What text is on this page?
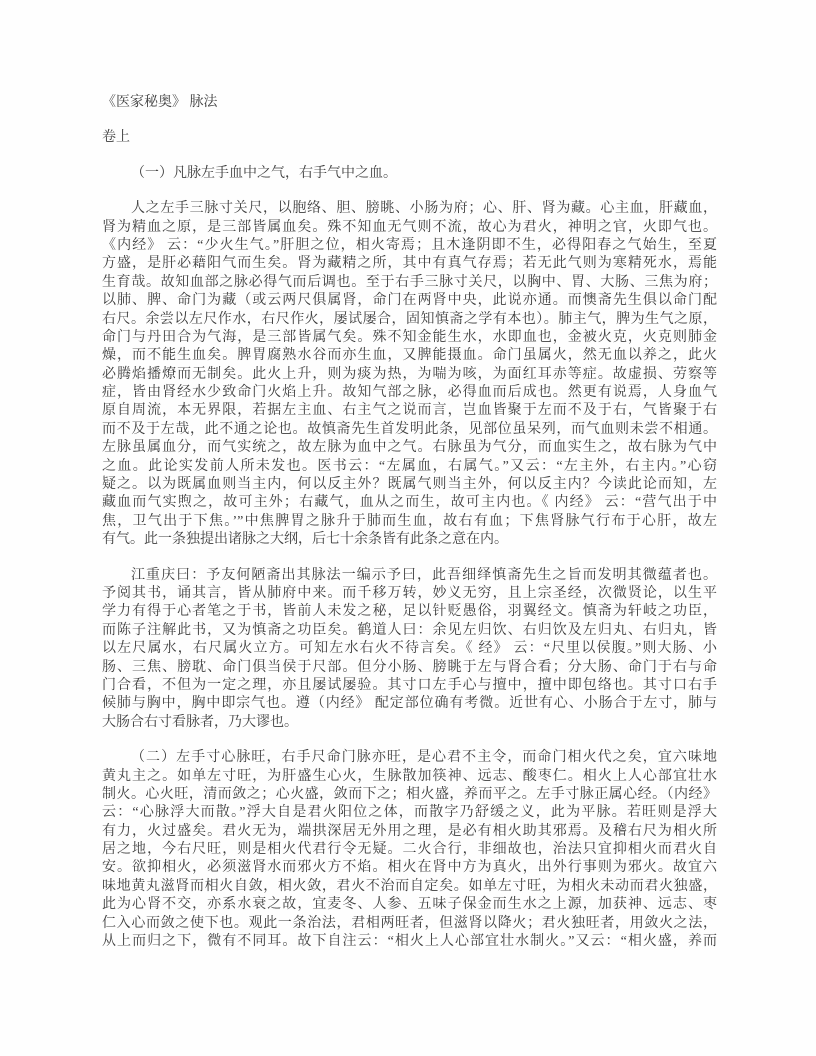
《医家秘奥》 脉法
卷上
（一）凡脉左手血中之气，右手气中之血。
人之左手三脉寸关尺，以胞络、胆、膀眺、小肠为府；心、肝、肾为藏。心主血，肝藏血，
肾为精血之原，是三部皆属血矣。殊不知血无气则不流，故心为君火，神明之官，火即气也。
《内经》 云：“少火生气。”肝胆之位，相火寄焉；且木逢阴即不生，必得阳春之气始生，至夏
方盛，是肝必藉阳气而生矣。肾为藏精之所，其中有真气存焉；若无此气则为寒精死水，焉能
生育哉。故知血部之脉必得气而后调也。至于右手三脉寸关尺，以胸中、胃、大肠、三焦为府；
以肺、脾、命门为藏（或云两尺俱属肾，命门在两肾中央，此说亦通。而懊斋先生俱以命门配
右尺。余尝以左尺作水，右尺作火，屡试屡合，固知慎斋之学有本也）。肺主气，脾为生气之原，
命门与丹田合为气海，是三部皆属气矣。殊不知金能生水，水即血也，金被火克，火克则肺金
燥，而不能生血矣。脾胃腐熟水谷而亦生血，又脾能摄血。命门虽属火，然无血以养之，此火
必腾焰播燎而无制矣。此火上升，则为痰为热，为喘为咳，为面红耳赤等症。故虚损、劳察等
症，皆由肾经水少致命门火焰上升。故知气部之脉，必得血而后成也。然更有说焉，人身血气
原自周流，本无界限，若据左主血、右主气之说而言，岂血皆聚于左而不及于右，气皆聚于右
而不及于左哉，此不通之论也。故慎斋先生首发明此条，见部位虽呆列，而气血则未尝不相通。
左脉虽属血分，而气实统之，故左脉为血中之气。右脉虽为气分，而血实生之，故右脉为气中
之血。此论实发前人所未发也。医书云：“左属血，右属气。”又云：“左主外，右主内。”心窃
疑之。以为既属血则当主内，何以反主外？既属气则当主外，何以反主内？今读此论而知，左
藏血而气实煦之，故可主外；右藏气，血从之而生，故可主内也。《 内经》 云：“营气出于中
焦，卫气出于下焦。’”中焦脾胃之脉升于肺而生血，故右有血；下焦肾脉气行布于心肝，故左
有气。此一条独提出诸脉之大纲，后七十余条皆有此条之意在内。
江重庆曰：予友何陋斋出其脉法一编示予曰，此吾细绎慎斋先生之旨而发明其微蕴者也。
予阅其书，诵其言，皆从肺府中来。而千移万转，妙义无穷，且上宗圣经，次微贤论，以生平
学力有得于心者笔之于书，皆前人未发之秘，足以针贬愚俗，羽翼经文。慎斋为轩岐之功臣，
而陈子注解此书，又为慎斋之功臣矣。鹤道人曰：余见左归饮、右归饮及左归丸、右归丸，皆
以左尺属水，右尺属火立方。可知左水右火不待言矣。《 经》 云：“尺里以侯腹。”则大肠、小
肠、三焦、膀耽、命门俱当侯于尺部。但分小肠、膀眺于左与肾合看；分大肠、命门于右与命
门合看，不但为一定之理，亦且屡试屡验。其寸口左手心与擅中，擅中即包络也。其寸口右手
候肺与胸中，胸中即宗气也。遵（内经》 配定部位确有考微。近世有心、小肠合于左寸，肺与
大肠合右寸看脉者，乃大谬也。
（二）左手寸心脉旺，右手尺命门脉亦旺，是心君不主令，而命门相火代之矣，宜六味地
黄丸主之。如单左寸旺，为肝盛生心火，生脉散加筷神、远志、酸枣仁。相火上人心部宜壮水
制火。心火旺，清而敛之；心火盛，敛而下之；相火盛，养而平之。左手寸脉正属心经。（内经》
云：“心脉浮大而散。”浮大自是君火阳位之体，而散字乃舒缓之义，此为平脉。若旺则是浮大
有力，火过盛矣。君火无为，端拱深居无外用之理，是必有相火助其邪焉。及稽右尺为相火所
居之地，今右尺旺，则是相火代君行令无疑。二火合行，非细故也，治法只宜抑相火而君火自
安。欲抑相火，必须滋肾水而邪火方不焰。相火在肾中方为真火，出外行事则为邪火。故宜六
味地黄丸滋肾而相火自敛，相火敛，君火不治而自定矣。如单左寸旺，为相火未动而君火独盛，
此为心肾不交，亦系水衰之故，宜麦冬、人参、五味子保金而生水之上源，加获神、远志、枣
仁入心而敛之使下也。观此一条治法，君相两旺者，但滋肾以降火；君火独旺者，用敛火之法，
从上而归之下，微有不同耳。故下自注云：“相火上人心部宜壮水制火。”又云：“相火盛，养而
